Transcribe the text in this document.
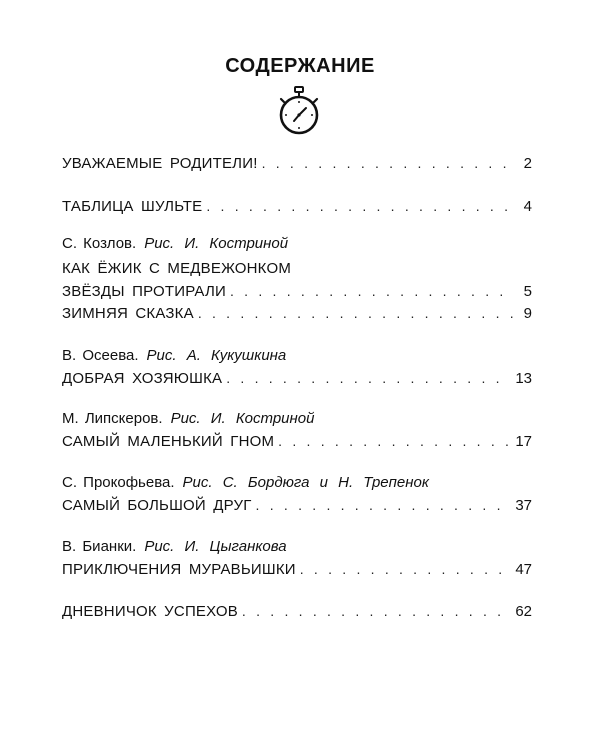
СОДЕРЖАНИЕ
УВАЖАЕМЫЕ РОДИТЕЛИ! . . .	2
ТАБЛИЦА ШУЛЬТЕ . . .	4
С. Козлов. Рис. И. Костриной
КАК ЁЖИК С МЕДВЕЖОНКОМ
ЗВЁЗДЫ ПРОТИРАЛИ . . .	5
ЗИМНЯЯ СКАЗКА . . .	9
В. Осеева. Рис. А. Кукушкина
ДОБРАЯ ХОЗЯЮШКА . . .	13
М. Липскеров. Рис. И. Костриной
САМЫЙ МАЛЕНЬКИЙ ГНОМ . . .	17
С. Прокофьева. Рис. С. Бордюга и Н. Трепенок
САМЫЙ БОЛЬШОЙ ДРУГ . . .	37
В. Бианки. Рис. И. Цыганкова
ПРИКЛЮЧЕНИЯ МУРАВЬИШКИ . . .	47
ДНЕВНИЧОК УСПЕХОВ . . .	62
